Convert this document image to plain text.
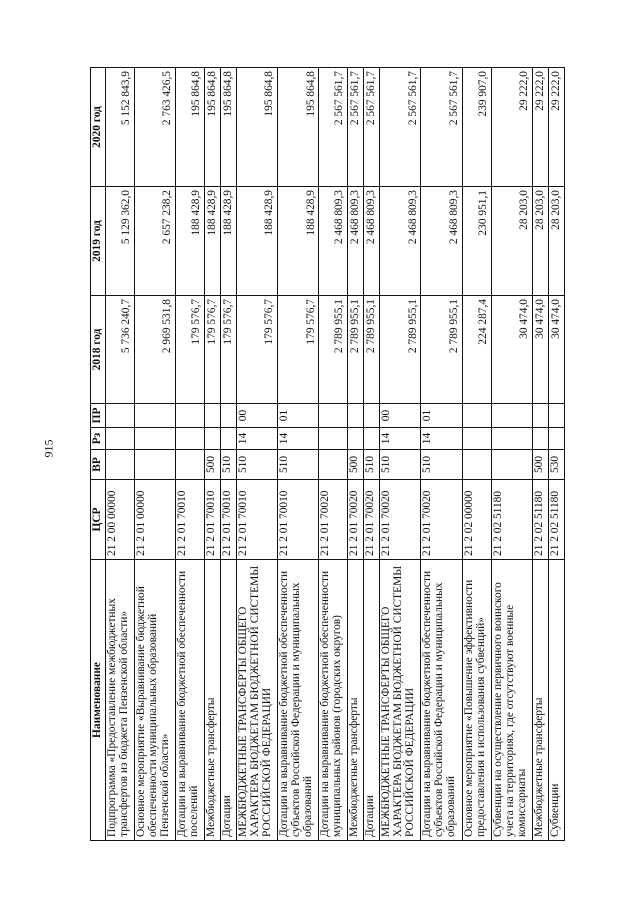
915
Наименование	ЦСР	ВР	Рз	ПР	2018 год	2019 год	2020 год
Подпрограмма «Предоставление межбюджетных трансфертов из бюджета Пензенской области»	21 2 00 00000				5 736 240,7	5 129 362,0	5 152 843,9
Основное мероприятие «Выравнивание бюджетной обеспеченности муниципальных образований Пензенской области»	21 2 01 00000				2 969 531,8	2 657 238,2	2 763 426,5
Дотации на выравнивание бюджетной обеспеченности поселений	21 2 01 70010				179 576,7	188 428,9	195 864,8
Межбюджетные трансферты	21 2 01 70010	500			179 576,7	188 428,9	195 864,8
Дотации	21 2 01 70010	510			179 576,7	188 428,9	195 864,8
МЕЖБЮДЖЕТНЫЕ ТРАНСФЕРТЫ ОБЩЕГО ХАРАКТЕРА БЮДЖЕТАМ БЮДЖЕТНОЙ СИСТЕМЫ РОССИЙСКОЙ ФЕДЕРАЦИИ	21 2 01 70010	510	14	00	179 576,7	188 428,9	195 864,8
Дотации на выравнивание бюджетной обеспеченности субъектов Российской Федерации и муниципальных образований	21 2 01 70010	510	14	01	179 576,7	188 428,9	195 864,8
Дотации на выравнивание бюджетной обеспеченности муниципальных районов (городских округов)	21 2 01 70020				2 789 955,1	2 468 809,3	2 567 561,7
Межбюджетные трансферты	21 2 01 70020	500			2 789 955,1	2 468 809,3	2 567 561,7
Дотации	21 2 01 70020	510			2 789 955,1	2 468 809,3	2 567 561,7
МЕЖБЮДЖЕТНЫЕ ТРАНСФЕРТЫ ОБЩЕГО ХАРАКТЕРА БЮДЖЕТАМ БЮДЖЕТНОЙ СИСТЕМЫ РОССИЙСКОЙ ФЕДЕРАЦИИ	21 2 01 70020	510	14	00	2 789 955,1	2 468 809,3	2 567 561,7
Дотации на выравнивание бюджетной обеспеченности субъектов Российской Федерации и муниципальных образований	21 2 01 70020	510	14	01	2 789 955,1	2 468 809,3	2 567 561,7
Основное мероприятие «Повышение эффективности предоставления и использования субвенций»	21 2 02 00000				224 287,4	230 951,1	239 907,0
Субвенции на осуществление первичного воинского учета на территориях, где отсутствуют военные комиссариаты	21 2 02 51180				30 474,0	28 203,0	29 222,0
Межбюджетные трансферты	21 2 02 51180	500			30 474,0	28 203,0	29 222,0
Субвенции	21 2 02 51180	530			30 474,0	28 203,0	29 222,0
